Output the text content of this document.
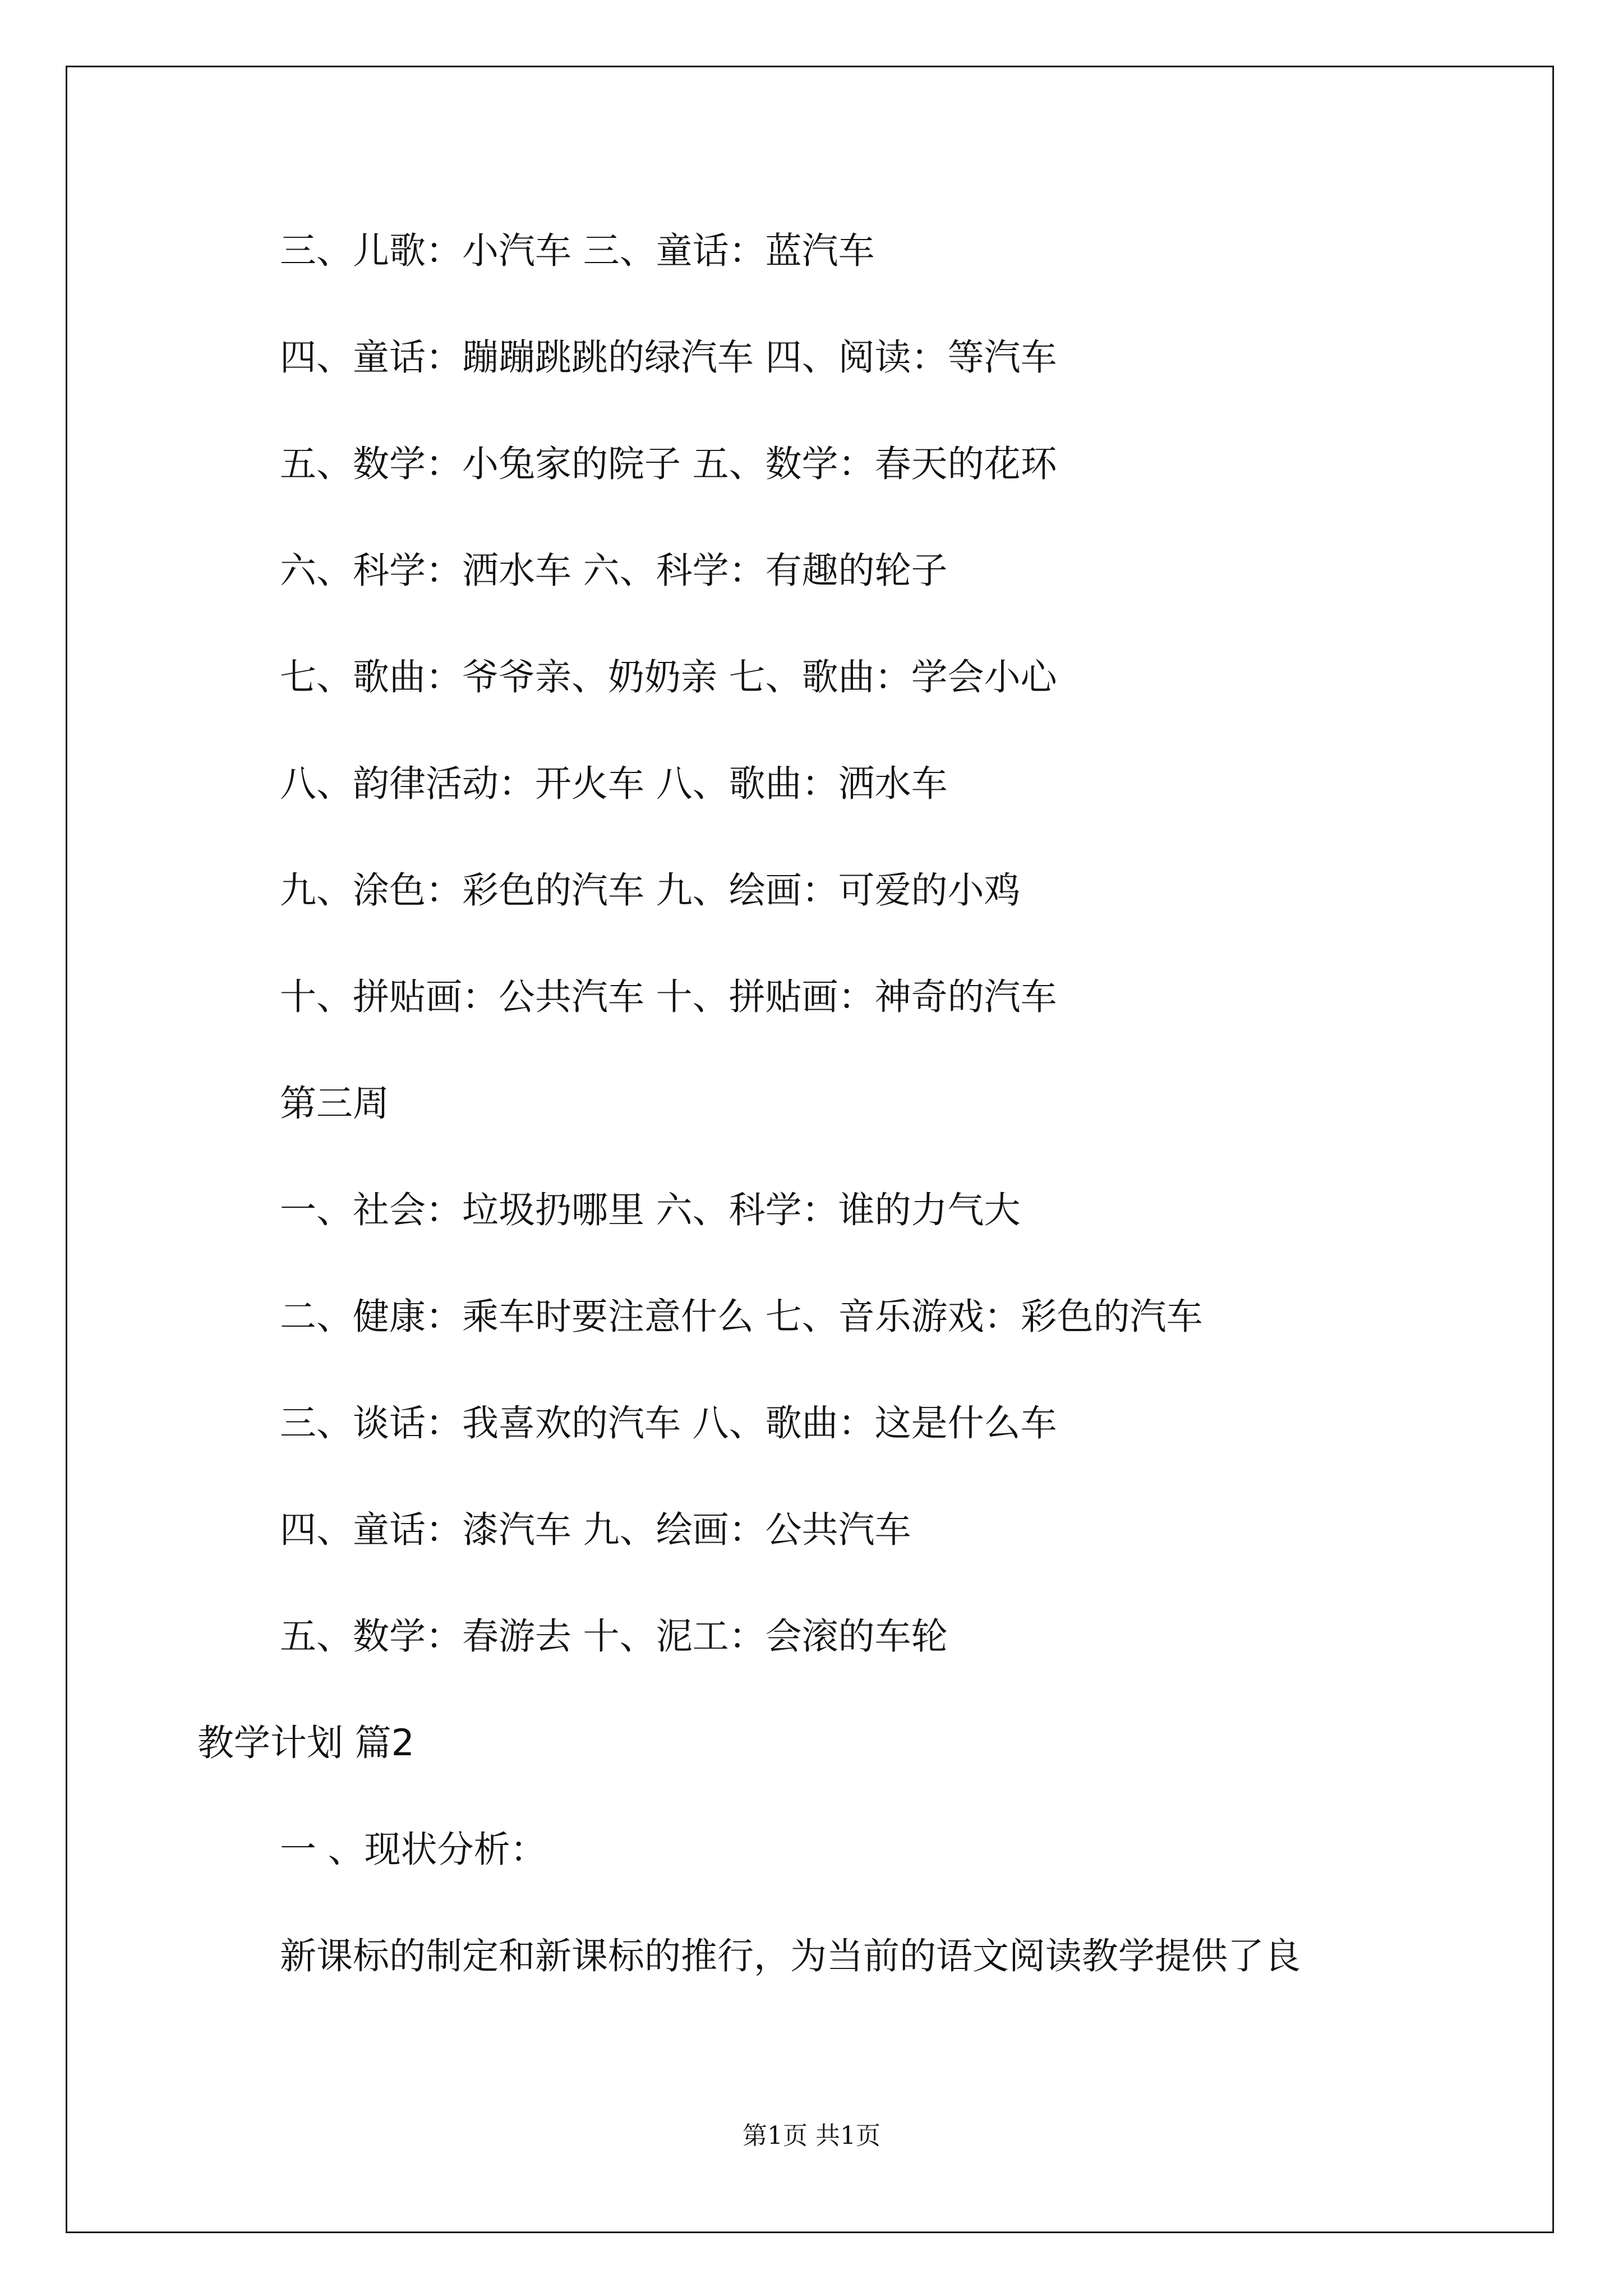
三、儿歌：小汽车 三、童话：蓝汽车

四、童话：蹦蹦跳跳的绿汽车 四、阅读：等汽车

五、数学：小兔家的院子 五、数学：春天的花环

六、科学：洒水车 六、科学：有趣的轮子

七、歌曲：爷爷亲、奶奶亲 七、歌曲：学会小心

八、韵律活动：开火车 八、歌曲：洒水车

九、涂色：彩色的汽车 九、绘画：可爱的小鸡

十、拼贴画：公共汽车 十、拼贴画：神奇的汽车

第三周

一、社会：垃圾扔哪里 六、科学：谁的力气大

二、健康：乘车时要注意什么 七、音乐游戏：彩色的汽车

三、谈话：我喜欢的汽车 八、歌曲：这是什么车

四、童话：漆汽车 九、绘画：公共汽车

五、数学：春游去 十、泥工：会滚的车轮

教学计划 篇2

一 、现状分析：

新课标的制定和新课标的推行，为当前的语文阅读教学提供了良

第1页 共1页
